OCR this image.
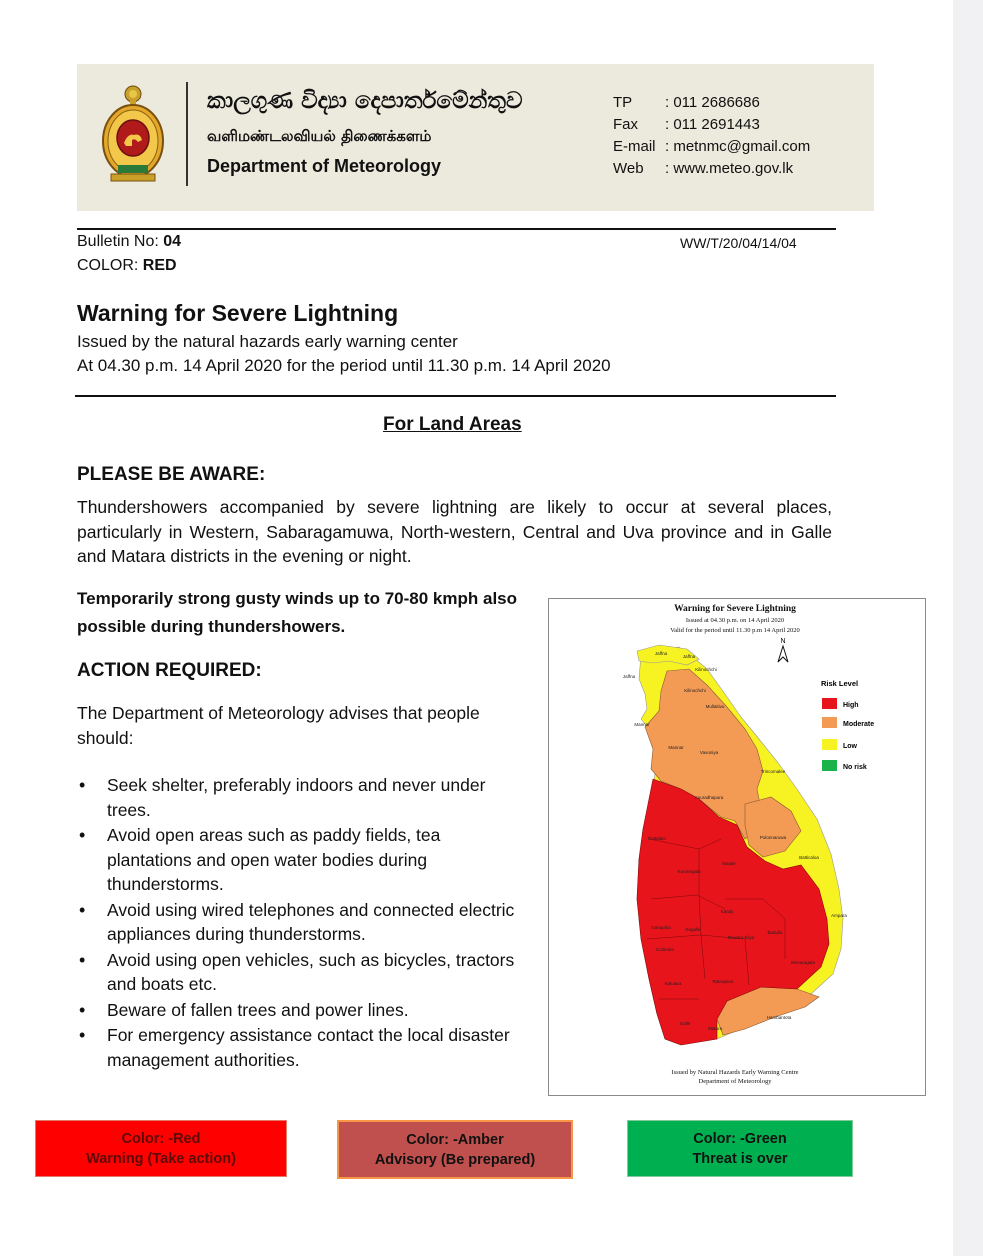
කාලගුණ විද්‍යා දෙපාර්තමේන්තුව
வளிமண்டலவியல் திணைக்களம்
Department of Meteorology
TP	: 011 2686686
Fax	: 011 2691443
E-mail	: metnmc@gmail.com
Web	: www.meteo.gov.lk
Bulletin No: 04
COLOR: RED
WW/T/20/04/14/04
Warning for Severe Lightning
Issued by the natural hazards early warning center
At 04.30 p.m. 14 April 2020 for the period until 11.30 p.m. 14 April 2020
For Land Areas
PLEASE BE AWARE:
Thundershowers accompanied by severe lightning are likely to occur at several places, particularly in Western, Sabaragamuwa, North-western, Central and Uva province and in Galle and Matara districts in the evening or night.
Temporarily strong gusty winds up to 70-80 kmph also possible during thundershowers.
ACTION REQUIRED:
The Department of Meteorology advises that people should:
• Seek shelter, preferably indoors and never under trees.
• Avoid open areas such as paddy fields, tea plantations and open water bodies during thunderstorms.
• Avoid using wired telephones and connected electric appliances during thunderstorms.
• Avoid using open vehicles, such as bicycles, tractors and boats etc.
• Beware of fallen trees and power lines.
• For emergency assistance contact the local disaster management authorities.
Warning for Severe Lightning
Issued at 04.30 p.m. on 14 April 2020
Valid for the period until 11.30 p.m 14 April 2020
N
Jaffna
Jaffna
Kilinochchi
Jaffna
Kilinochchi
Mullaitivu
Mannar
Mannar
Vavuniya
Trincomalee
Anuradhapura
Polonnaruwa
Puttalam
Matale
Batticaloa
Kurunegala
Kandy
Ampara
Gampaha	Kegalle
Badulla
Nuwara Eliya
Monaragala
Colombo
Ratnapura
Kalutara
Hambantota
Galle
Matara
Risk Level
High
Moderate
Low
No risk
Issued by Natural Hazards Early Warning Centre
Department of Meteorology
Color: -Red
Warning (Take action)
Color: -Amber
Advisory (Be prepared)
Color: -Green
Threat is over
